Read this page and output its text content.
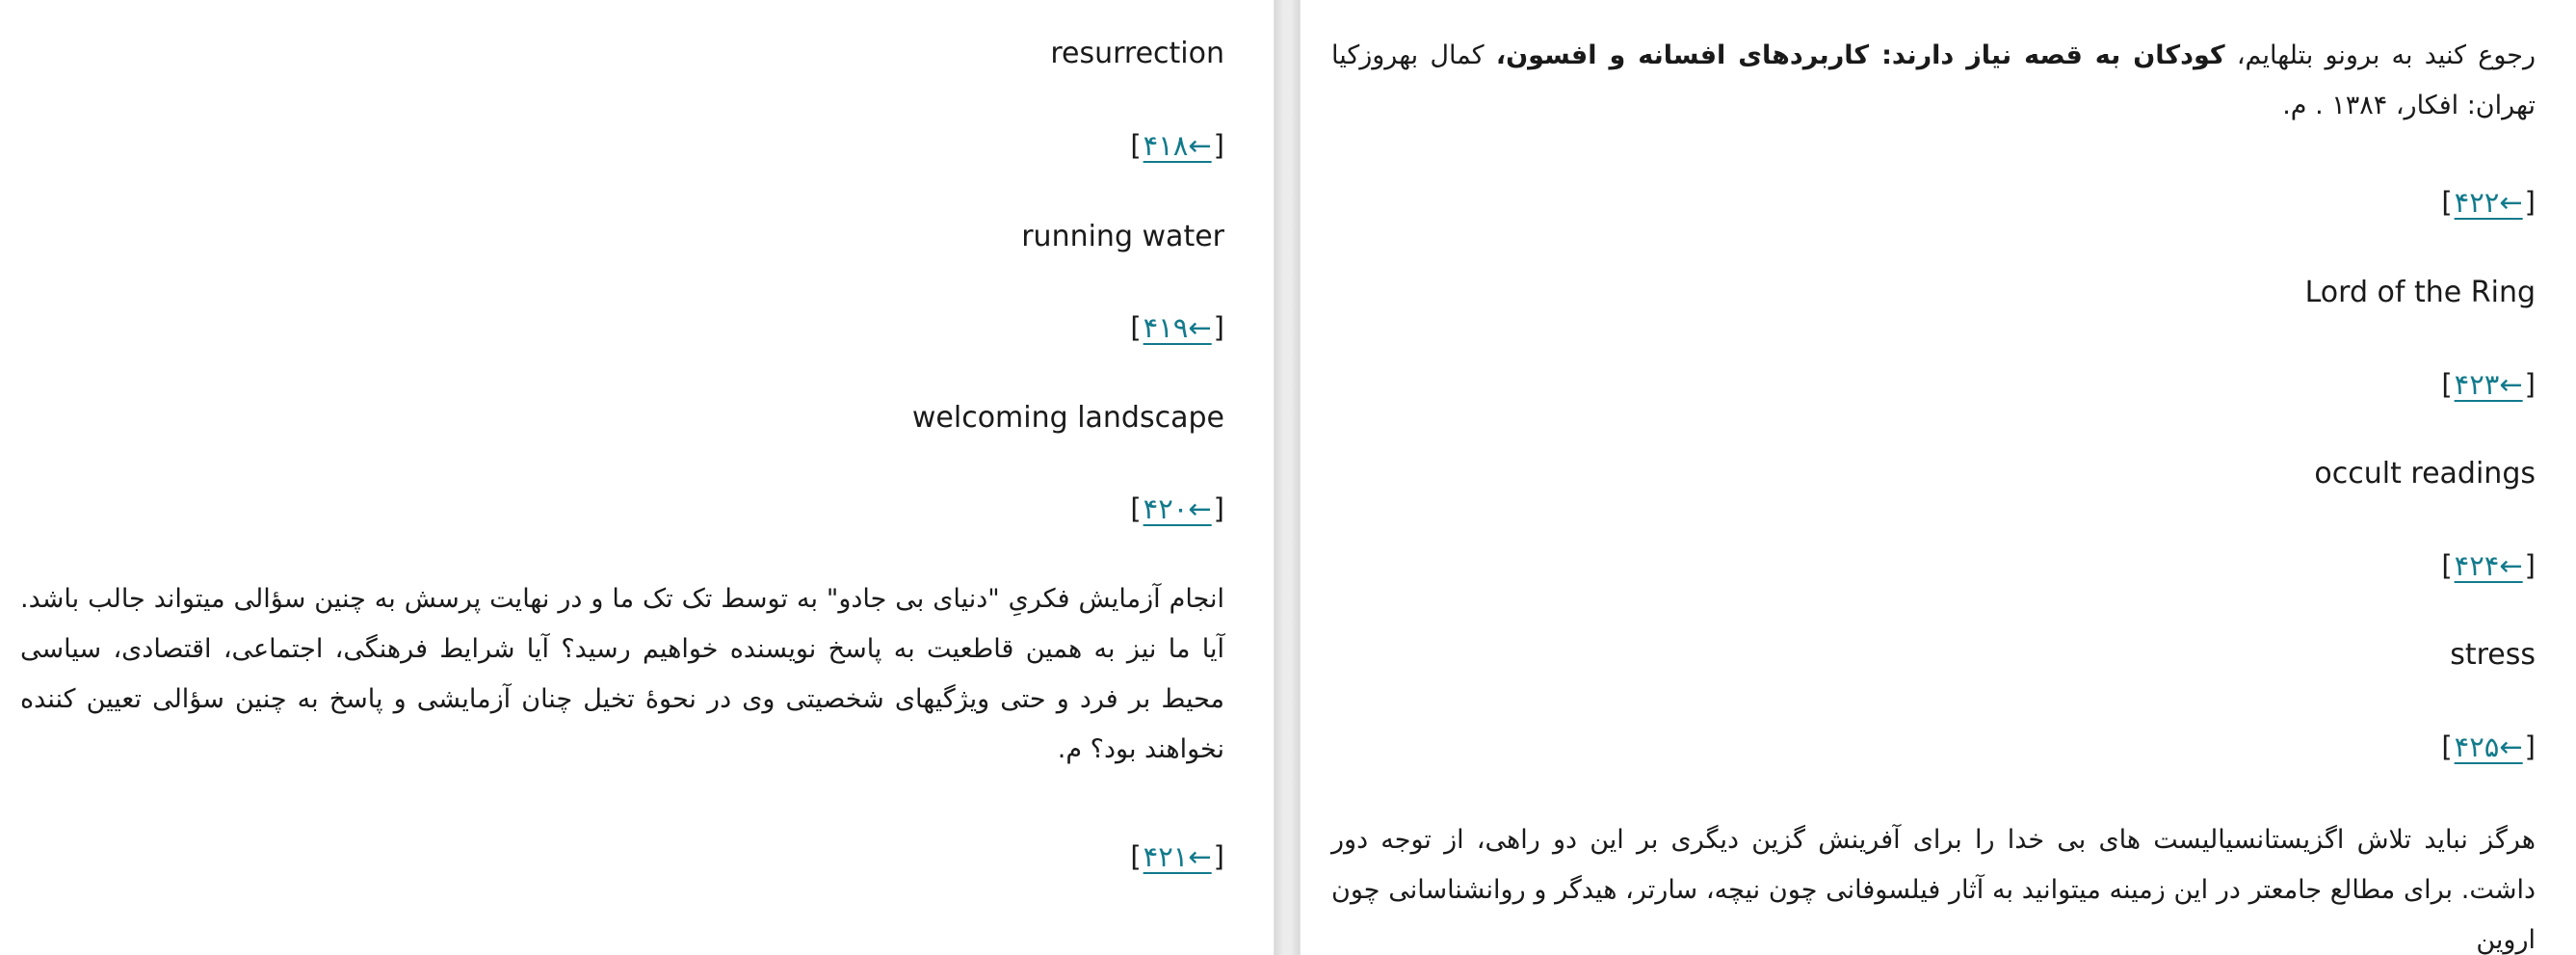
resurrection
[۴۱۸←]
running water
[۴۱۹←]
welcoming landscape
[۴۲۰←]
انجام آزمایش فکریِ "دنیای بی جادو" به توسط تک تک ما و در نهایت پرسش به چنین سؤالی میتواند جالب باشد. آیا ما نیز به همین قاطعیت به پاسخ نویسنده خواهیم رسید؟ آیا شرایط فرهنگی، اجتماعی، اقتصادی، سیاسی محیط بر فرد و حتی ویژگیهای شخصیتی وی در نحوهٔ تخیل چنان آزمایشی و پاسخ به چنین سؤالی تعیین کننده نخواهند بود؟ م.
[۴۲۱←]
رجوع کنید به برونو بتلهایم، کودکان به قصه نیاز دارند: کاربردهای افسانه و افسون، کمال بهروزکیا تهران: افکار، ۱۳۸۴ . م.
[۴۲۲←]
Lord of the Ring
[۴۲۳←]
occult readings
[۴۲۴←]
stress
[۴۲۵←]
هرگز نباید تلاش اگزیستانسیالیست های بی خدا را برای آفرینش گزین دیگری بر این دو راهی، از توجه دور داشت. برای مطالع جامعتر در این زمینه میتوانید به آثار فیلسوفانی چون نیچه، سارتر، هیدگر و روانشناسانی چون اروین
